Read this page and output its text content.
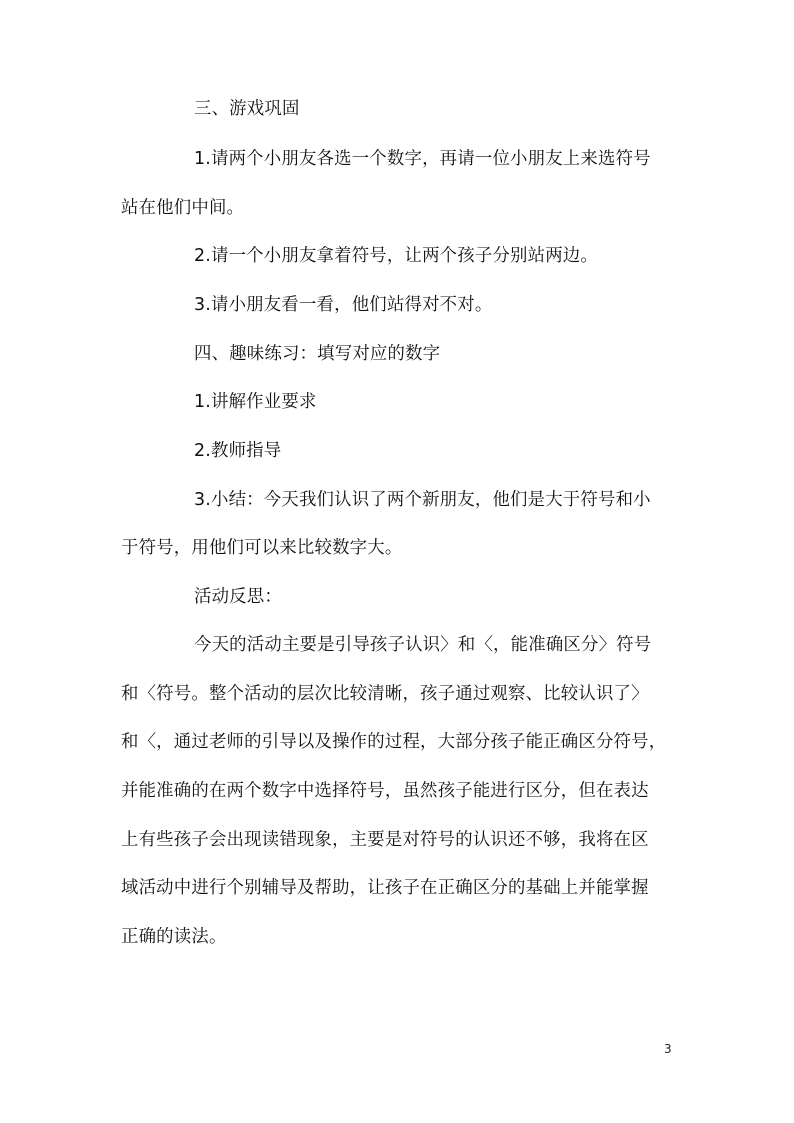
三、游戏巩固
1.请两个小朋友各选一个数字，再请一位小朋友上来选符号
站在他们中间。
2.请一个小朋友拿着符号，让两个孩子分别站两边。
3.请小朋友看一看，他们站得对不对。
四、趣味练习：填写对应的数字
1.讲解作业要求
2.教师指导
3.小结：今天我们认识了两个新朋友，他们是大于符号和小
于符号，用他们可以来比较数字大。
活动反思：
今天的活动主要是引导孩子认识〉和〈，能准确区分〉符号
和〈符号。整个活动的层次比较清晰，孩子通过观察、比较认识了〉
和〈，通过老师的引导以及操作的过程，大部分孩子能正确区分符号，
并能准确的在两个数字中选择符号，虽然孩子能进行区分，但在表达
上有些孩子会出现读错现象，主要是对符号的认识还不够，我将在区
域活动中进行个别辅导及帮助，让孩子在正确区分的基础上并能掌握
正确的读法。
3
